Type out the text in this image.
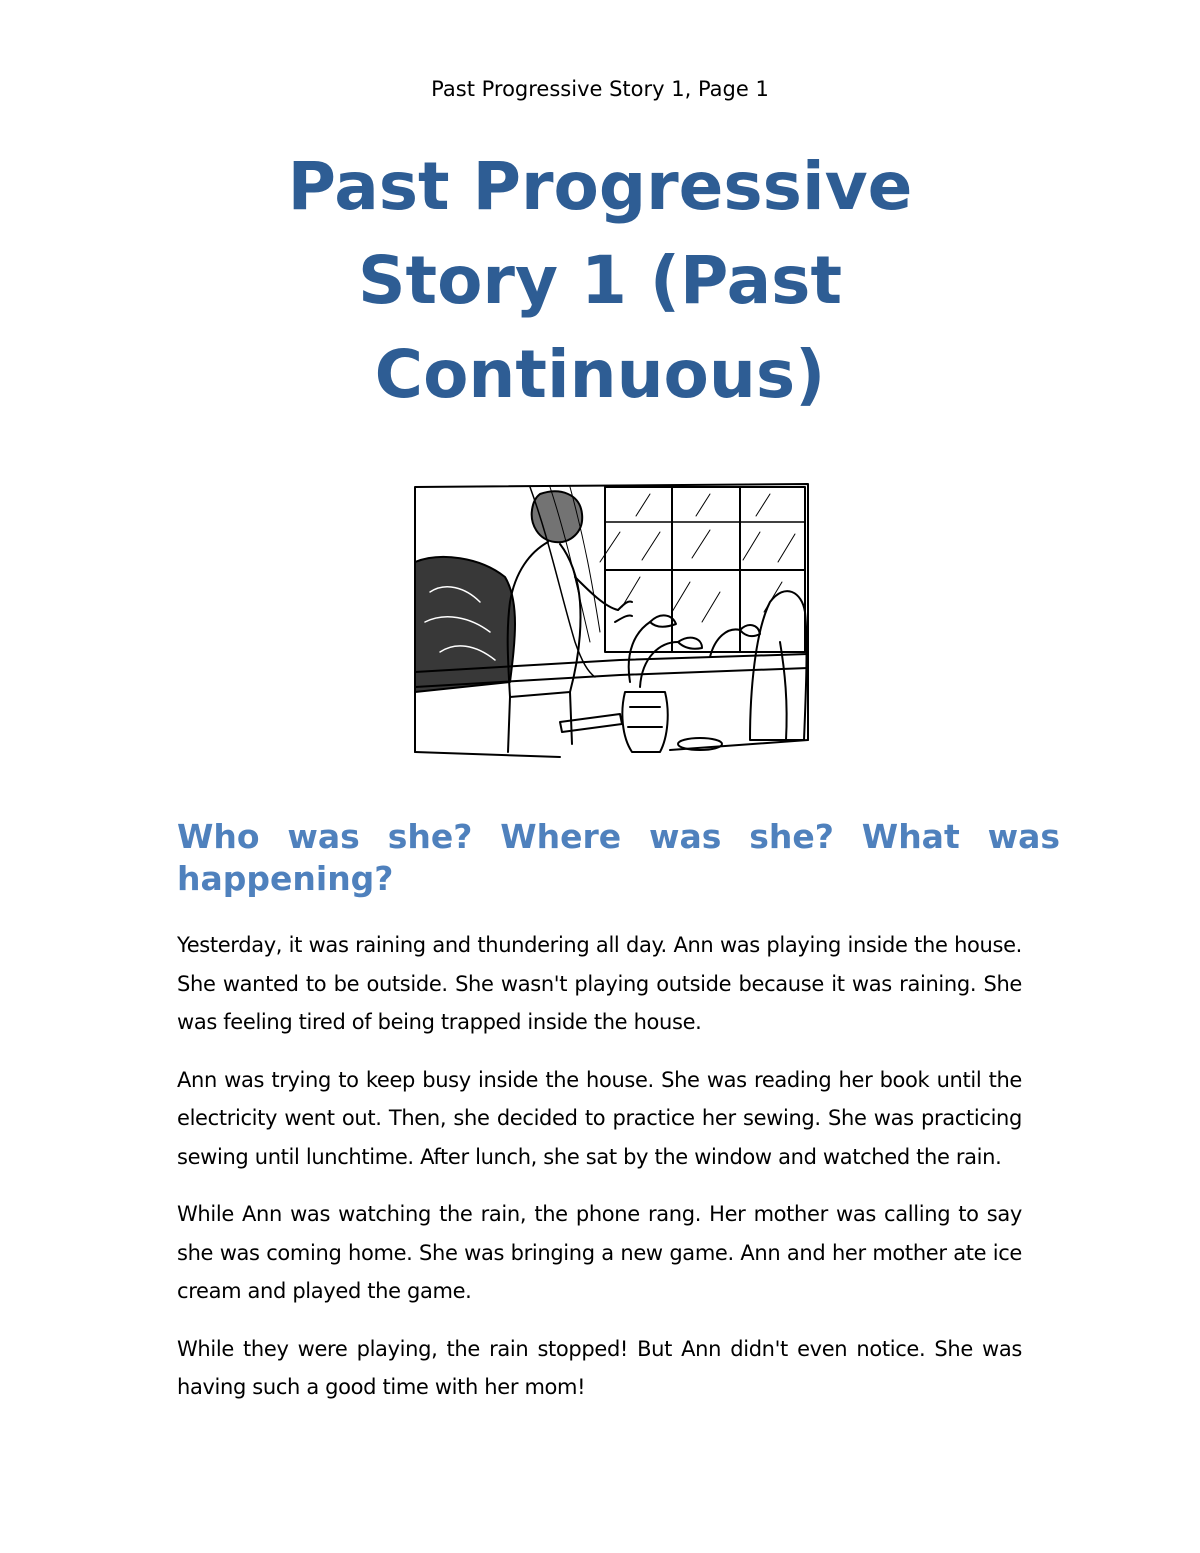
Past Progressive Story 1, Page 1
Past Progressive Story 1 (Past Continuous)
Who was she? Where was she? What was happening?

Yesterday, it was raining and thundering all day. Ann was playing inside the house. She wanted to be outside. She wasn't playing outside because it was raining. She was feeling tired of being trapped inside the house.

Ann was trying to keep busy inside the house. She was reading her book until the electricity went out. Then, she decided to practice her sewing. She was practicing sewing until lunchtime. After lunch, she sat by the window and watched the rain.

While Ann was watching the rain, the phone rang. Her mother was calling to say she was coming home. She was bringing a new game. Ann and her mother ate ice cream and played the game.

While they were playing, the rain stopped! But Ann didn't even notice. She was having such a good time with her mom!
